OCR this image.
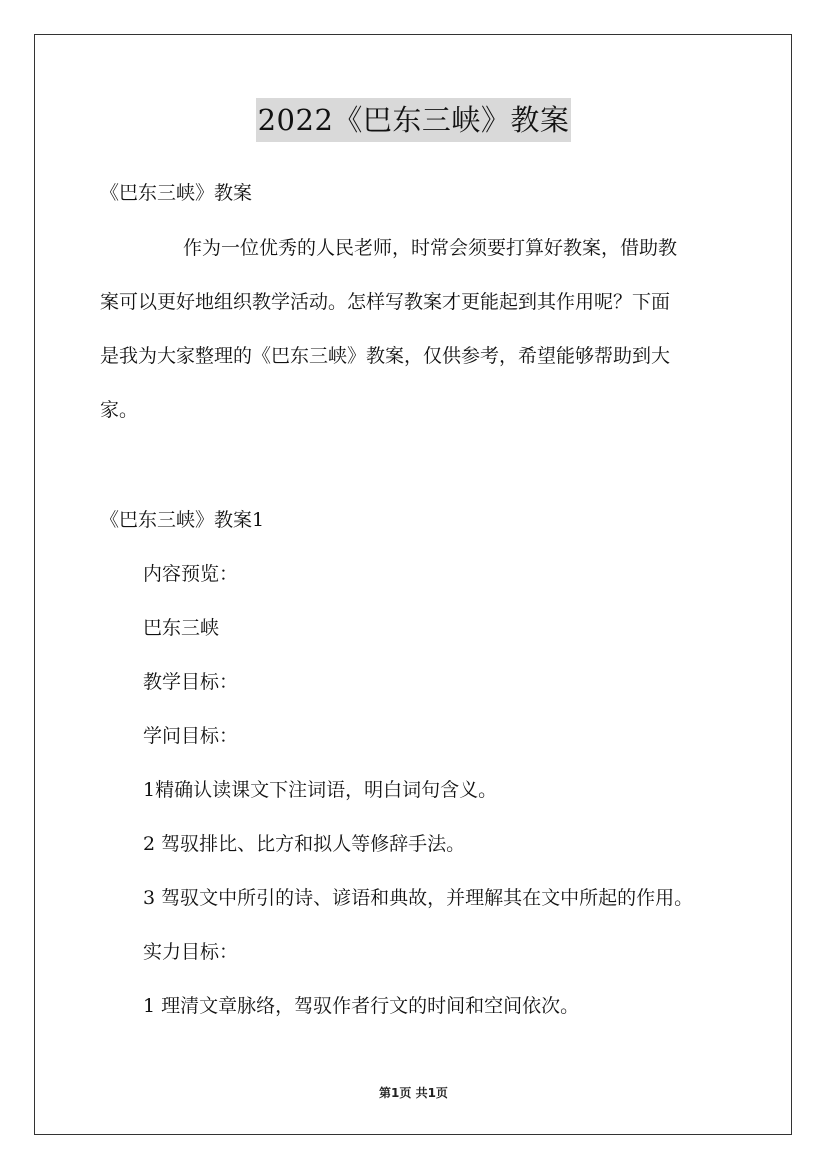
2022《巴东三峡》教案
《巴东三峡》教案
作为一位优秀的人民老师，时常会须要打算好教案，借助教
案可以更好地组织教学活动。怎样写教案才更能起到其作用呢？下面
是我为大家整理的《巴东三峡》教案，仅供参考，希望能够帮助到大
家。
《巴东三峡》教案1
内容预览：
巴东三峡
教学目标：
学问目标：
1精确认读课文下注词语，明白词句含义。
2 驾驭排比、比方和拟人等修辞手法。
3 驾驭文中所引的诗、谚语和典故，并理解其在文中所起的作用。
实力目标：
1 理清文章脉络，驾驭作者行文的时间和空间依次。
第1页 共1页
